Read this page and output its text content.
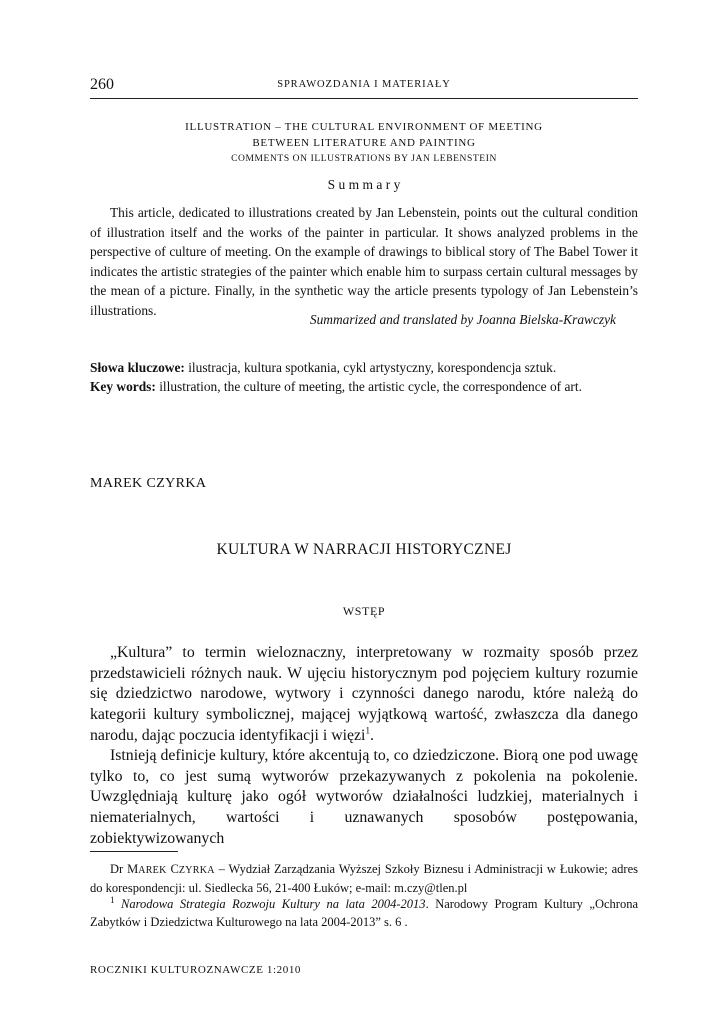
260	SPRAWOZDANIA I MATERIAŁY
ILLUSTRATION – THE CULTURAL ENVIRONMENT OF MEETING
BETWEEN LITERATURE AND PAINTING
COMMENTS ON ILLUSTRATIONS BY JAN LEBENSTEIN
S u m m a r y
This article, dedicated to illustrations created by Jan Lebenstein, points out the cultural condition of illustration itself and the works of the painter in particular. It shows analyzed problems in the perspective of culture of meeting. On the example of drawings to biblical story of The Babel Tower it indicates the artistic strategies of the painter which enable him to surpass certain cultural messages by the mean of a picture. Finally, in the synthetic way the article presents typology of Jan Lebenstein’s illustrations.
Summarized and translated by Joanna Bielska-Krawczyk
Słowa kluczowe: ilustracja, kultura spotkania, cykl artystyczny, korespondencja sztuk.
Key words: illustration, the culture of meeting, the artistic cycle, the correspondence of art.
MAREK CZYRKA
KULTURA W NARRACJI HISTORYCZNEJ
WSTĘP
„Kultura” to termin wieloznaczny, interpretowany w rozmaity sposób przez przedstawicieli różnych nauk. W ujęciu historycznym pod pojęciem kultury rozumie się dziedzictwo narodowe, wytwory i czynności danego narodu, które należą do kategorii kultury symbolicznej, mającej wyjątkową wartość, zwłaszcza dla danego narodu, dając poczucia identyfikacji i więzi$^1$.
Istnieją definicje kultury, które akcentują to, co dziedziczone. Biorą one pod uwagę tylko to, co jest sumą wytworów przekazywanych z pokolenia na pokolenie. Uwzględniają kulturę jako ogół wytworów działalności ludzkiej, materialnych i niematerialnych, wartości i uznawanych sposobów postępowania, zobiektywizowanych
Dr MAREK CZYRKA – Wydział Zarządzania Wyższej Szkoły Biznesu i Administracji w Łukowie; adres do korespondencji: ul. Siedlecka 56, 21-400 Łuków; e-mail: m.czy@tlen.pl
$^1$ Narodowa Strategia Rozwoju Kultury na lata 2004-2013. Narodowy Program Kultury „Ochrona Zabytków i Dziedzictwa Kulturowego na lata 2004-2013” s. 6 .
ROCZNIKI KULTUROZNAWCZE 1:2010
